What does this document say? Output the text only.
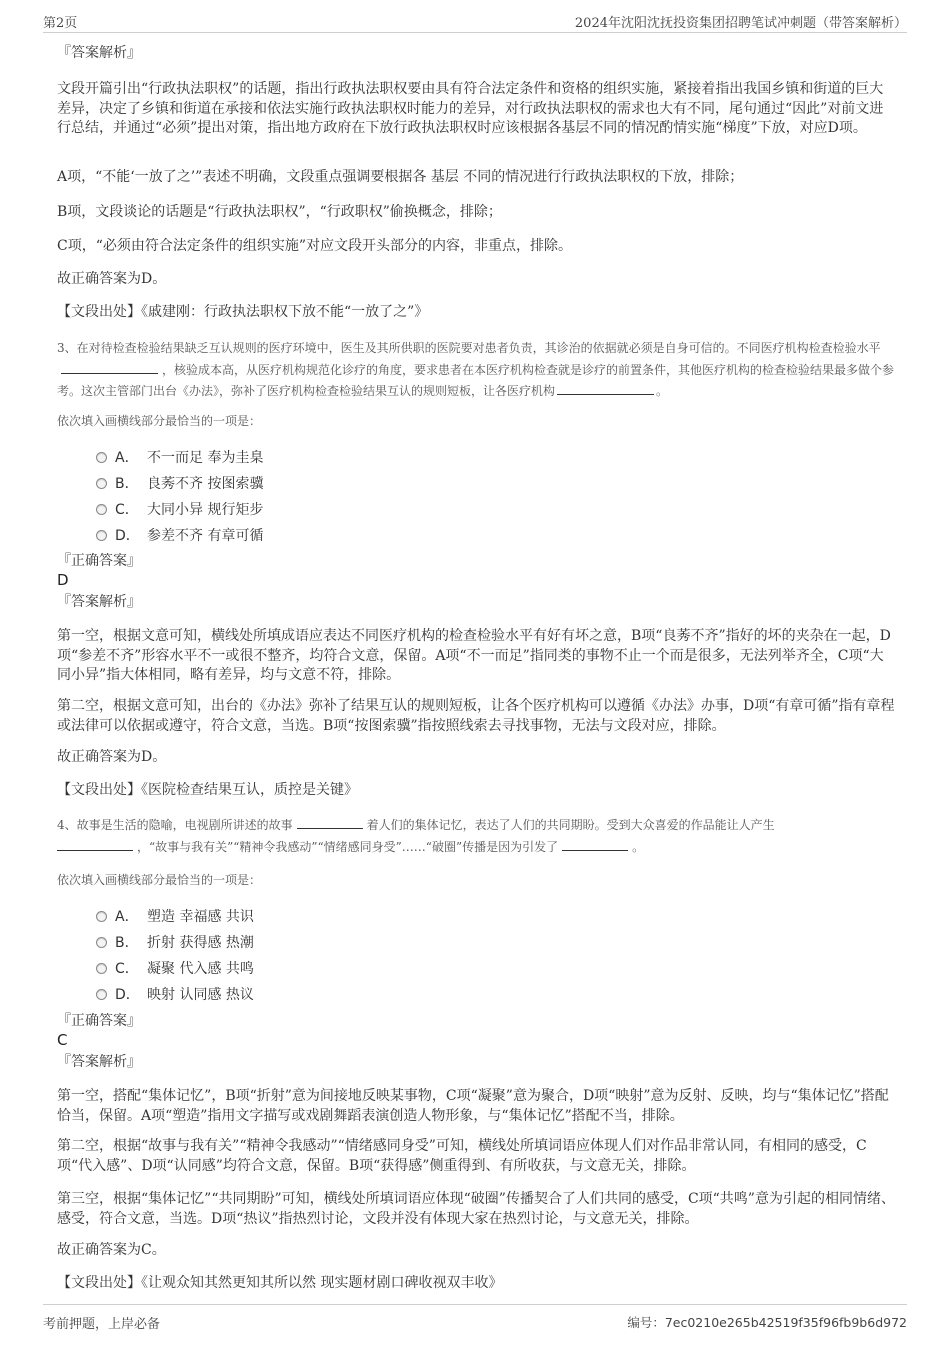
第2页	2024年沈阳沈抚投资集团招聘笔试冲刺题（带答案解析）
『答案解析』

文段开篇引出“行政执法职权”的话题，指出行政执法职权要由具有符合法定条件和资格的组织实施，紧接着指出我国乡镇和街道的巨大差异，决定了乡镇和街道在承接和依法实施行政执法职权时能力的差异，对行政执法职权的需求也大有不同，尾句通过“因此”对前文进行总结，并通过“必须”提出对策，指出地方政府在下放行政执法职权时应该根据各基层不同的情况酌情实施“梯度”下放，对应D项。

A项，“不能‘一放了之’”表述不明确，文段重点强调要根据各 基层 不同的情况进行行政执法职权的下放，排除；

B项，文段谈论的话题是“行政执法职权”，“行政职权”偷换概念，排除；

C项，“必须由符合法定条件的组织实施”对应文段开头部分的内容，非重点，排除。

故正确答案为D。

【文段出处】《戚建刚：行政执法职权下放不能“一放了之”》

3、在对待检查检验结果缺乏互认规则的医疗环境中，医生及其所供职的医院要对患者负责，其诊治的依据就必须是自身可信的。不同医疗机构检查检验水平，核验成本高，从医疗机构规范化诊疗的角度，要求患者在本医疗机构检查就是诊疗的前置条件，其他医疗机构的检查检验结果最多做个参考。这次主管部门出台《办法》，弥补了医疗机构检查检验结果互认的规则短板，让各医疗机构	。

依次填入画横线部分最恰当的一项是：

A． 不一而足 奉为圭臬
B． 良莠不齐 按图索骥
C． 大同小异 规行矩步
D． 参差不齐 有章可循
『正确答案』
D
『答案解析』

第一空，根据文意可知，横线处所填成语应表达不同医疗机构的检查检验水平有好有坏之意，B项“良莠不齐”指好的坏的夹杂在一起，D项“参差不齐”形容水平不一或很不整齐，均符合文意，保留。A项“不一而足”指同类的事物不止一个而是很多，无法列举齐全，C项“大同小异”指大体相同，略有差异，均与文意不符，排除。

第二空，根据文意可知，出台的《办法》弥补了结果互认的规则短板，让各个医疗机构可以遵循《办法》办事，D项“有章可循”指有章程或法律可以依据或遵守，符合文意，当选。B项“按图索骥”指按照线索去寻找事物，无法与文段对应，排除。

故正确答案为D。

【文段出处】《医院检查结果互认，质控是关键》

4、故事是生活的隐喻，电视剧所讲述的故事	着人们的集体记忆，表达了人们的共同期盼。受到大众喜爱的作品能让人产生
，“故事与我有关”“精神令我感动”“情绪感同身受”……“破圈”传播是因为引发了	。

依次填入画横线部分最恰当的一项是：

A． 塑造 幸福感 共识
B． 折射 获得感 热潮
C． 凝聚 代入感 共鸣
D． 映射 认同感 热议
『正确答案』
C
『答案解析』

第一空，搭配“集体记忆”，B项“折射”意为间接地反映某事物，C项“凝聚”意为聚合，D项“映射”意为反射、反映，均与“集体记忆”搭配恰当，保留。A项“塑造”指用文字描写或戏剧舞蹈表演创造人物形象，与“集体记忆”搭配不当，排除。

第二空，根据“故事与我有关”“精神令我感动”“情绪感同身受”可知，横线处所填词语应体现人们对作品非常认同，有相同的感受，C项“代入感”、D项“认同感”均符合文意，保留。B项“获得感”侧重得到、有所收获，与文意无关，排除。

第三空，根据“集体记忆”“共同期盼”可知，横线处所填词语应体现“破圈”传播契合了人们共同的感受，C项“共鸣”意为引起的相同情绪、感受，符合文意，当选。D项“热议”指热烈讨论，文段并没有体现大家在热烈讨论，与文意无关，排除。

故正确答案为C。

【文段出处】《让观众知其然更知其所以然 现实题材剧口碑收视双丰收》

考前押题，上岸必备	编号：7ec0210e265b42519f35f96fb9b6d972
